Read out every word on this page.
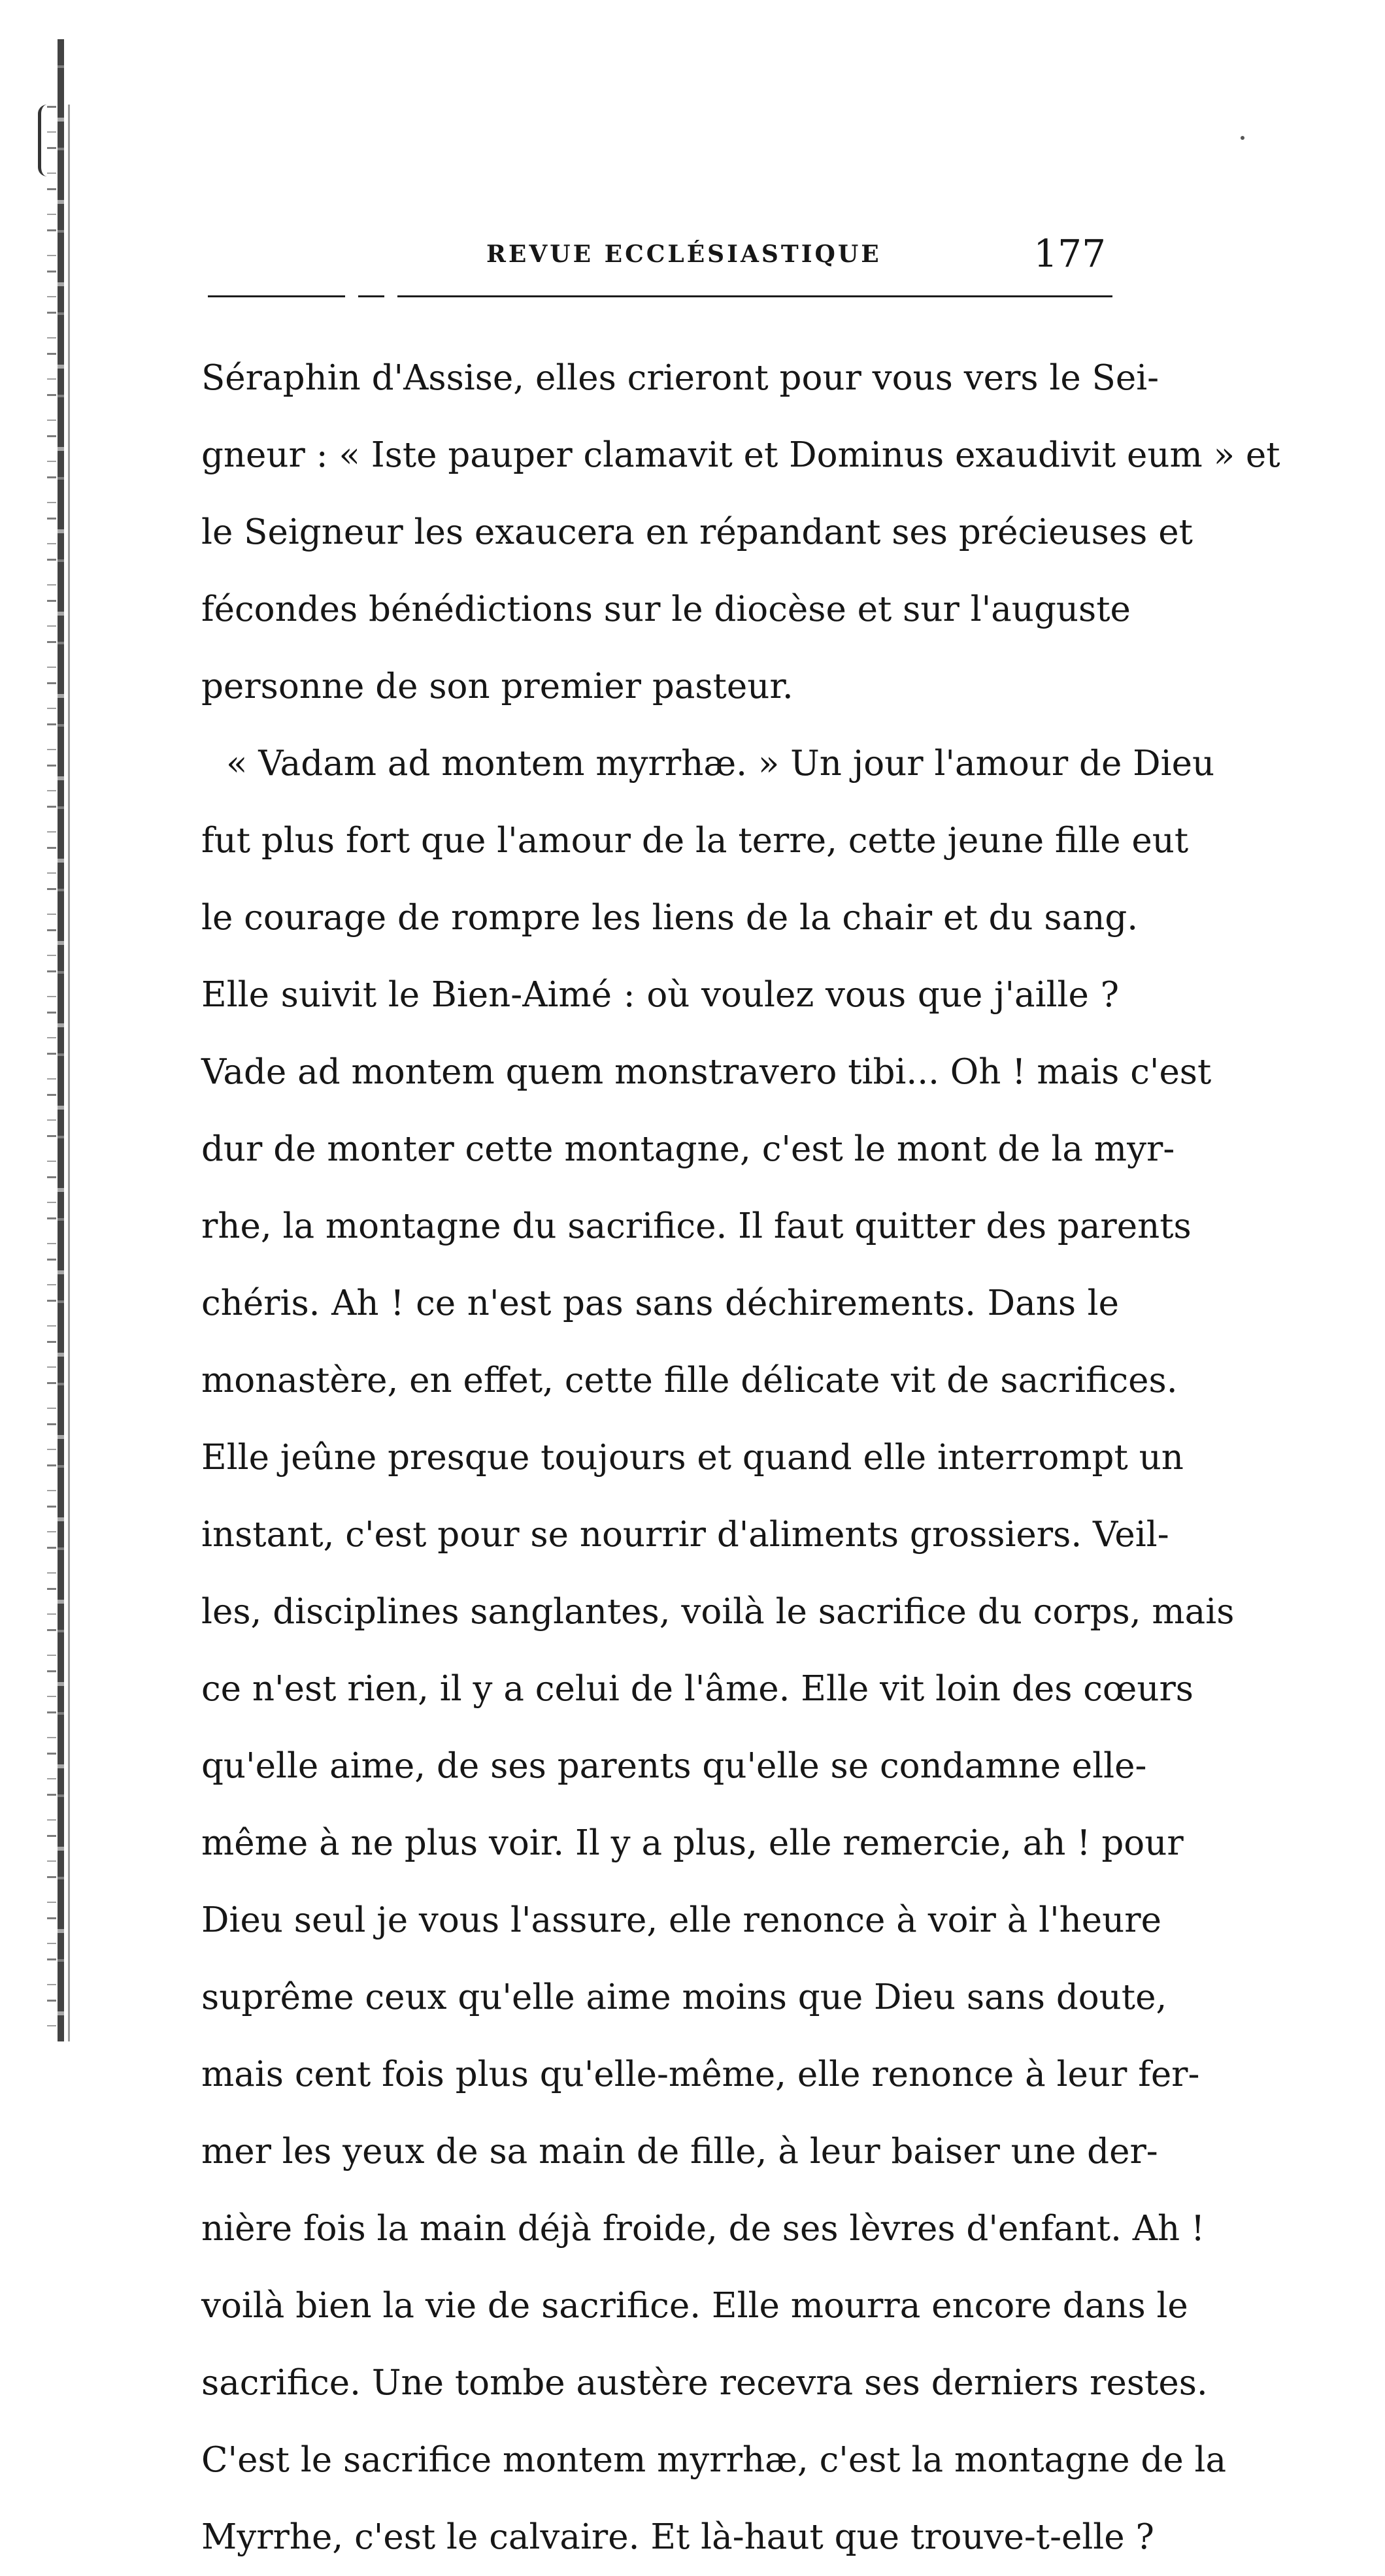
REVUE ECCLÉSIASTIQUE	177
Séraphin d'Assise, elles crieront pour vous vers le Sei-
gneur : « Iste pauper clamavit et Dominus exaudivit eum » et
le Seigneur les exaucera en répandant ses précieuses et
fécondes bénédictions sur le diocèse et sur l'auguste
personne de son premier pasteur.
« Vadam ad montem myrrhæ. » Un jour l'amour de Dieu
fut plus fort que l'amour de la terre, cette jeune fille eut
le courage de rompre les liens de la chair et du sang.
Elle suivit le Bien-Aimé : où voulez vous que j'aille ?
Vade ad montem quem monstravero tibi... Oh ! mais c'est
dur de monter cette montagne, c'est le mont de la myr-
rhe, la montagne du sacrifice. Il faut quitter des parents
chéris. Ah ! ce n'est pas sans déchirements. Dans le
monastère, en effet, cette fille délicate vit de sacrifices.
Elle jeûne presque toujours et quand elle interrompt un
instant, c'est pour se nourrir d'aliments grossiers. Veil-
les, disciplines sanglantes, voilà le sacrifice du corps, mais
ce n'est rien, il y a celui de l'âme. Elle vit loin des cœurs
qu'elle aime, de ses parents qu'elle se condamne elle-
même à ne plus voir. Il y a plus, elle remercie, ah ! pour
Dieu seul je vous l'assure, elle renonce à voir à l'heure
suprême ceux qu'elle aime moins que Dieu sans doute,
mais cent fois plus qu'elle-même, elle renonce à leur fer-
mer les yeux de sa main de fille, à leur baiser une der-
nière fois la main déjà froide, de ses lèvres d'enfant. Ah !
voilà bien la vie de sacrifice. Elle mourra encore dans le
sacrifice. Une tombe austère recevra ses derniers restes.
C'est le sacrifice montem myrrhæ, c'est la montagne de la
Myrrhe, c'est le calvaire. Et là-haut que trouve-t-elle ?
